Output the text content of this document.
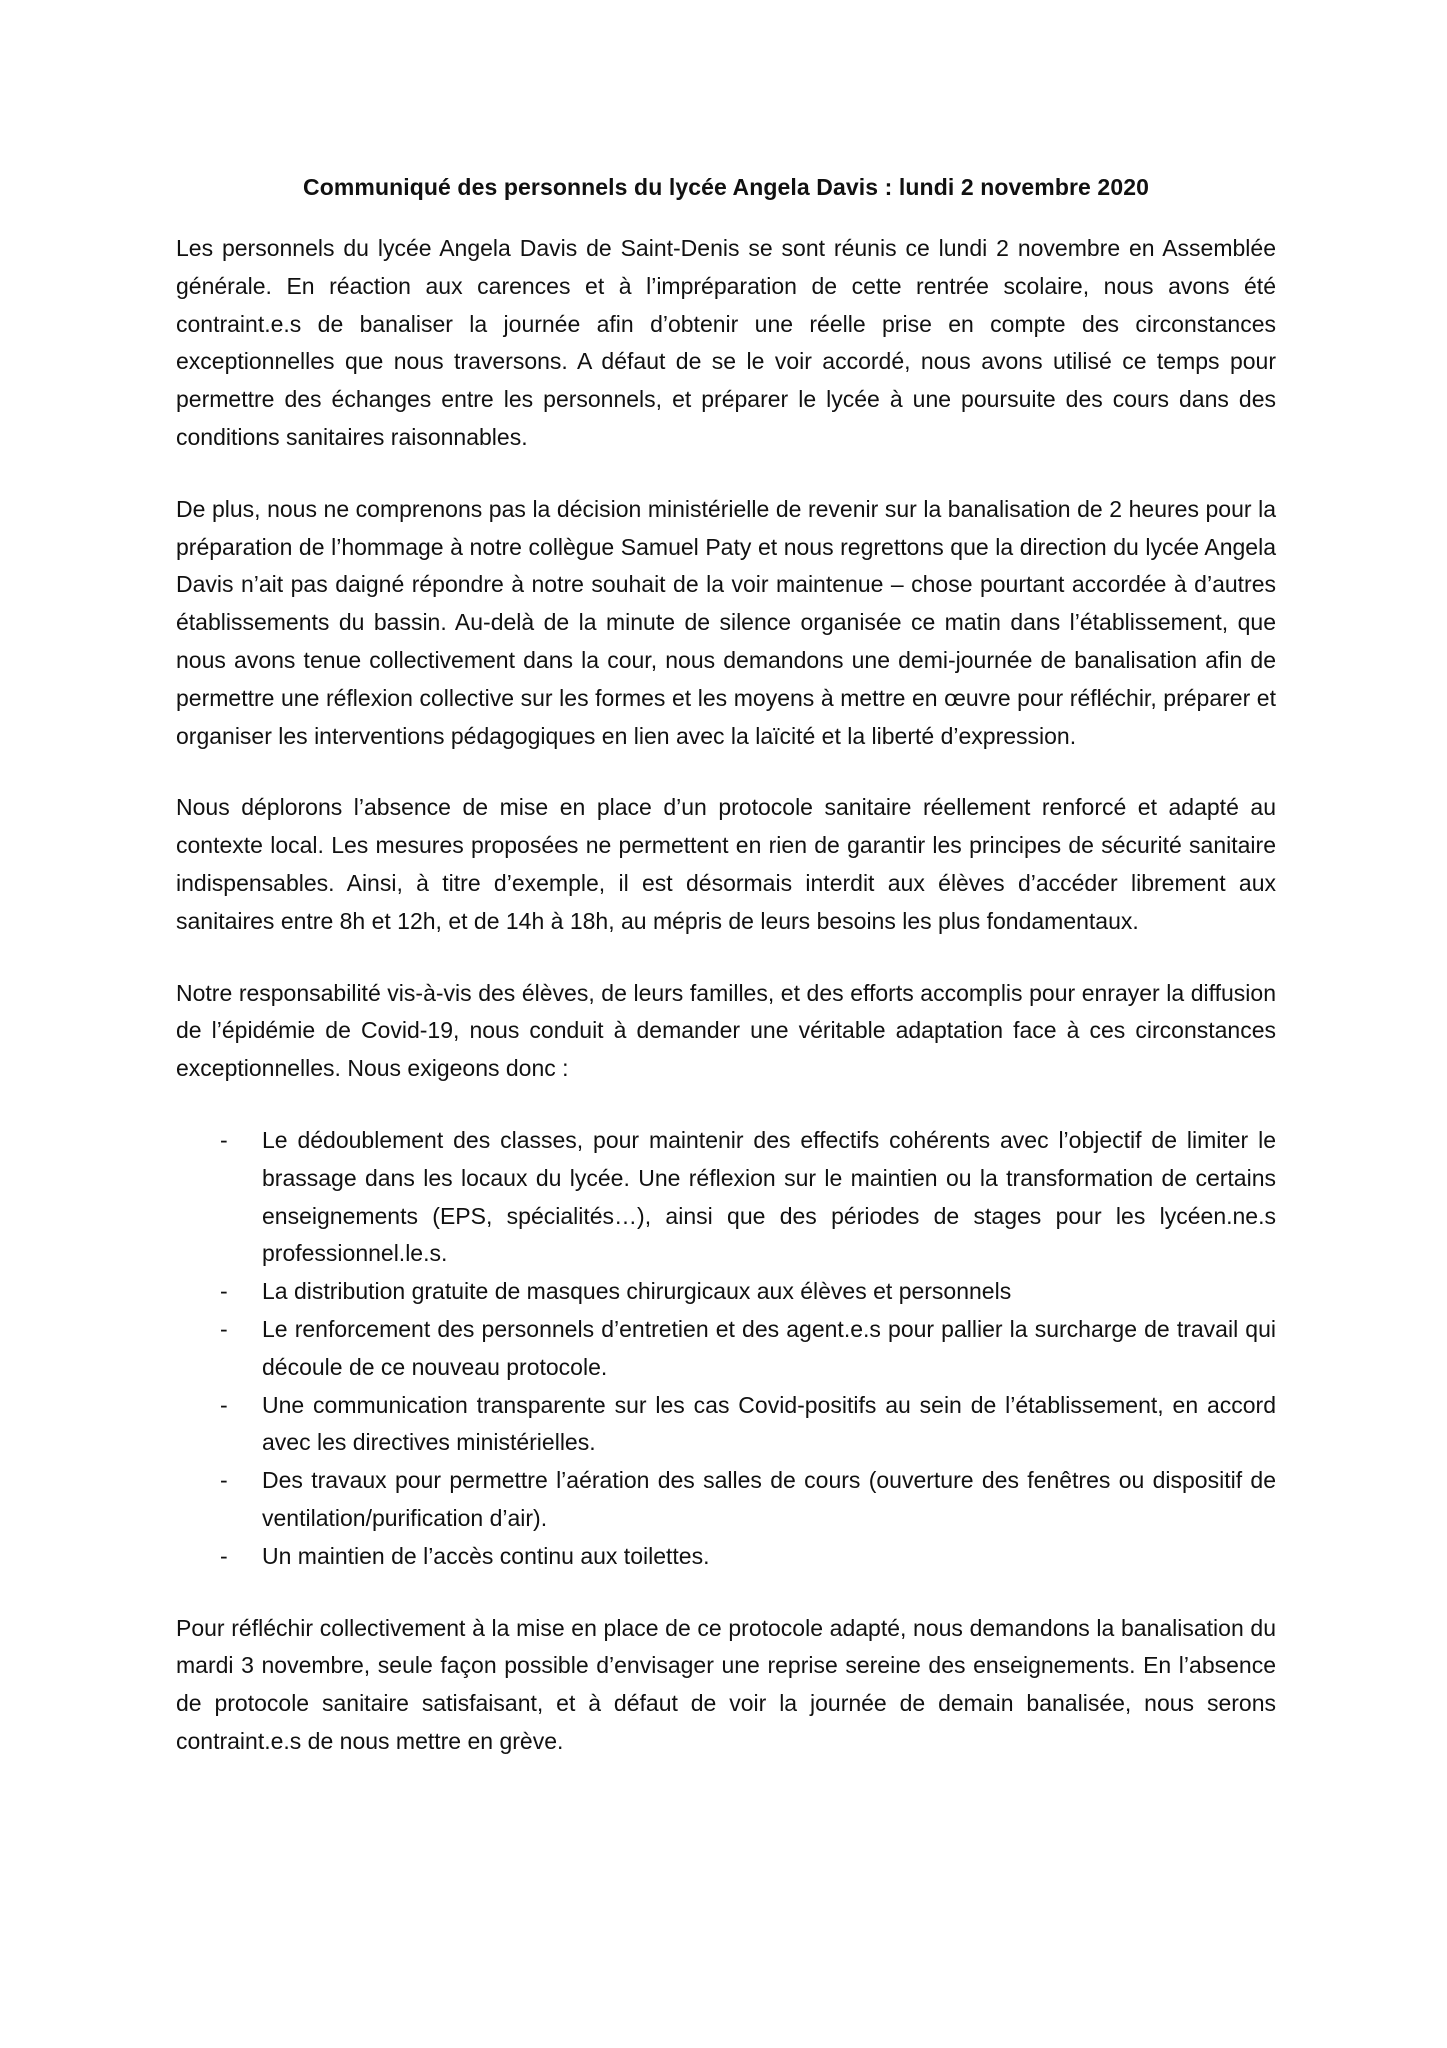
Communiqué des personnels du lycée Angela Davis : lundi 2 novembre 2020

Les personnels du lycée Angela Davis de Saint-Denis se sont réunis ce lundi 2 novembre en Assemblée générale. En réaction aux carences et à l’impréparation de cette rentrée scolaire, nous avons été contraint.e.s de banaliser la journée afin d’obtenir une réelle prise en compte des circonstances exceptionnelles que nous traversons. A défaut de se le voir accordé, nous avons utilisé ce temps pour permettre des échanges entre les personnels, et préparer le lycée à une poursuite des cours dans des conditions sanitaires raisonnables.

De plus, nous ne comprenons pas la décision ministérielle de revenir sur la banalisation de 2 heures pour la préparation de l’hommage à notre collègue Samuel Paty et nous regrettons que la direction du lycée Angela Davis n’ait pas daigné répondre à notre souhait de la voir maintenue – chose pourtant accordée à d’autres établissements du bassin. Au-delà de la minute de silence organisée ce matin dans l’établissement, que nous avons tenue collectivement dans la cour, nous demandons une demi-journée de banalisation afin de permettre une réflexion collective sur les formes et les moyens à mettre en œuvre pour réfléchir, préparer et organiser les interventions pédagogiques en lien avec la laïcité et la liberté d’expression.

Nous déplorons l’absence de mise en place d’un protocole sanitaire réellement renforcé et adapté au contexte local. Les mesures proposées ne permettent en rien de garantir les principes de sécurité sanitaire indispensables. Ainsi, à titre d’exemple, il est désormais interdit aux élèves d’accéder librement aux sanitaires entre 8h et 12h, et de 14h à 18h, au mépris de leurs besoins les plus fondamentaux.

Notre responsabilité vis-à-vis des élèves, de leurs familles, et des efforts accomplis pour enrayer la diffusion de l’épidémie de Covid-19, nous conduit à demander une véritable adaptation face à ces circonstances exceptionnelles. Nous exigeons donc :

- Le dédoublement des classes, pour maintenir des effectifs cohérents avec l’objectif de limiter le brassage dans les locaux du lycée. Une réflexion sur le maintien ou la transformation de certains enseignements (EPS, spécialités…), ainsi que des périodes de stages pour les lycéen.ne.s professionnel.le.s.
- La distribution gratuite de masques chirurgicaux aux élèves et personnels
- Le renforcement des personnels d’entretien et des agent.e.s pour pallier la surcharge de travail qui découle de ce nouveau protocole.
- Une communication transparente sur les cas Covid-positifs au sein de l’établissement, en accord avec les directives ministérielles.
- Des travaux pour permettre l’aération des salles de cours (ouverture des fenêtres ou dispositif de ventilation/purification d’air).
- Un maintien de l’accès continu aux toilettes.

Pour réfléchir collectivement à la mise en place de ce protocole adapté, nous demandons la banalisation du mardi 3 novembre, seule façon possible d’envisager une reprise sereine des enseignements. En l’absence de protocole sanitaire satisfaisant, et à défaut de voir la journée de demain banalisée, nous serons contraint.e.s de nous mettre en grève.
